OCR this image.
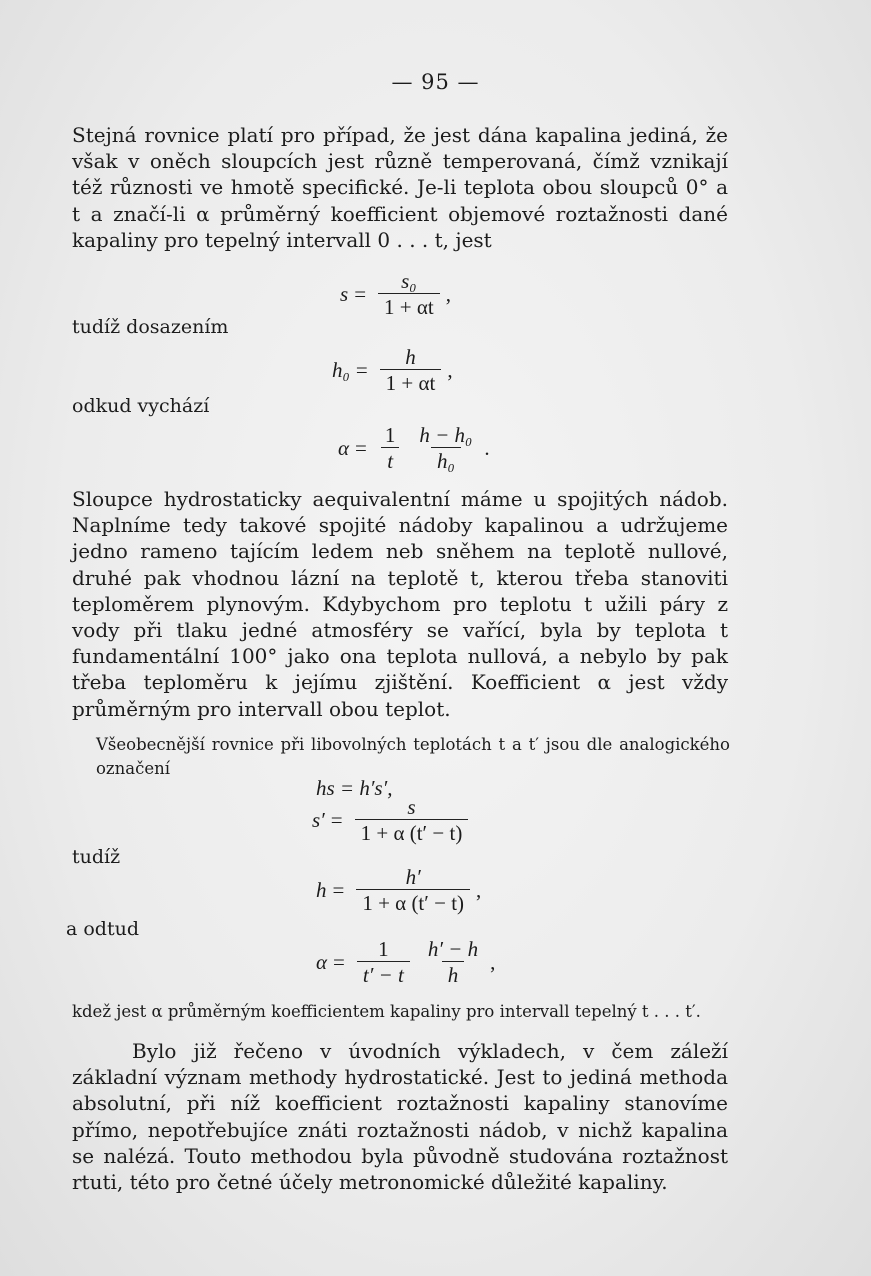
— 95 —

Stejná rovnice platí pro případ, že jest dána kapalina jediná, že však v oněch sloupcích jest různě temperovaná, čímž vznikají též různosti ve hmotě specifické. Je-li teplota obou sloupců 0° a t a značí-li α průměrný koefficient objemové roztažnosti dané kapaliny pro tepelný intervall 0 . . . t, jest

$s = \frac{\text{s₀}}{1 + \alpha t}$ ,
tudíž dosazením
$h_0 = \frac{h}{1 + \alpha t}$ ,
odkud vychází
$\alpha = \frac{1}{t} \frac{\text{h − h₀}}{\text{h₀}}$ .

Sloupce hydrostaticky aequivalentní máme u spojitých nádob. Naplníme tedy takové spojité nádoby kapalinou a udržujeme jedno rameno tajícím ledem neb sněhem na teplotě nullové, druhé pak vhodnou lázní na teplotě t, kterou třeba stanoviti teploměrem plynovým. Kdybychom pro teplotu t užili páry z vody při tlaku jedné atmosféry se vařící, byla by teplota t fundamentální 100° jako ona teplota nullová, a nebylo by pak třeba teploměru k jejímu zjištění. Koefficient α jest vždy průměrným pro intervall obou teplot.

Všeobecnější rovnice při libovolných teplotách t a t′ jsou dle analogického označení

hs = h′s′,
$s' = \frac{s}{1 + \alpha (t' - t)}$
tudíž
$h = \frac{h'}{1 + \alpha (t' - t)}$ ,
a odtud
$\alpha = \frac{1}{t' - t} \frac{h' - h}{h}$ ,

kdež jest α průměrným koefficientem kapaliny pro intervall tepelný t . . . t′.

Bylo již řečeno v úvodních výkladech, v čem záleží základní význam methody hydrostatické. Jest to jediná methoda absolutní, při níž koefficient roztažnosti kapaliny stanovíme přímo, nepotřebujíce znáti roztažnosti nádob, v nichž kapalina se nalézá. Touto methodou byla původně studována roztažnost rtuti, této pro četné účely metronomické důležité kapaliny.
